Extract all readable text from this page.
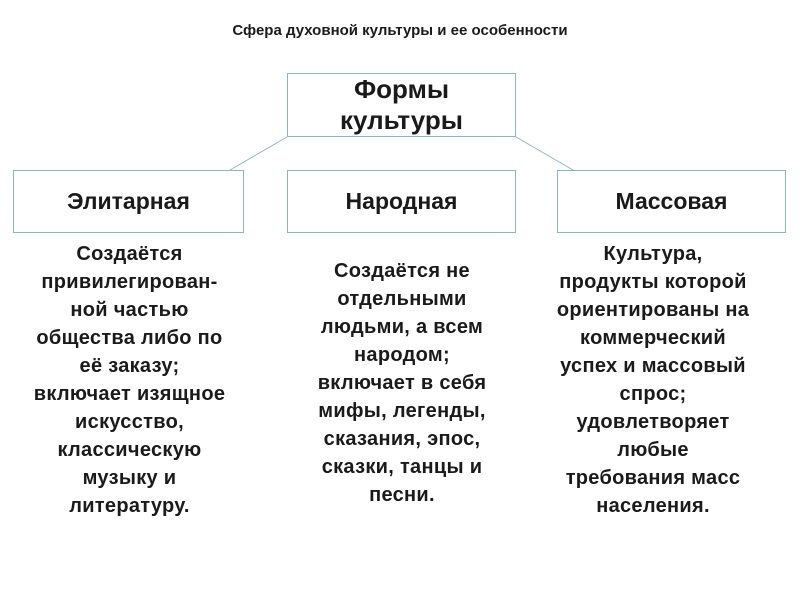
Сфера духовной культуры и ее особенности
Формы
культуры
Элитарная	Народная	Массовая
Создаётся
привилегирован-
ной частью
общества либо по
её заказу;
включает изящное
искусство,
классическую
музыку и
литературу.
Создаётся не
отдельными
людьми, а всем
народом;
включает в себя
мифы, легенды,
сказания, эпос,
сказки, танцы и
песни.
Культура,
продукты которой
ориентированы на
коммерческий
успех и массовый
спрос;
удовлетворяет
любые
требования масс
населения.
